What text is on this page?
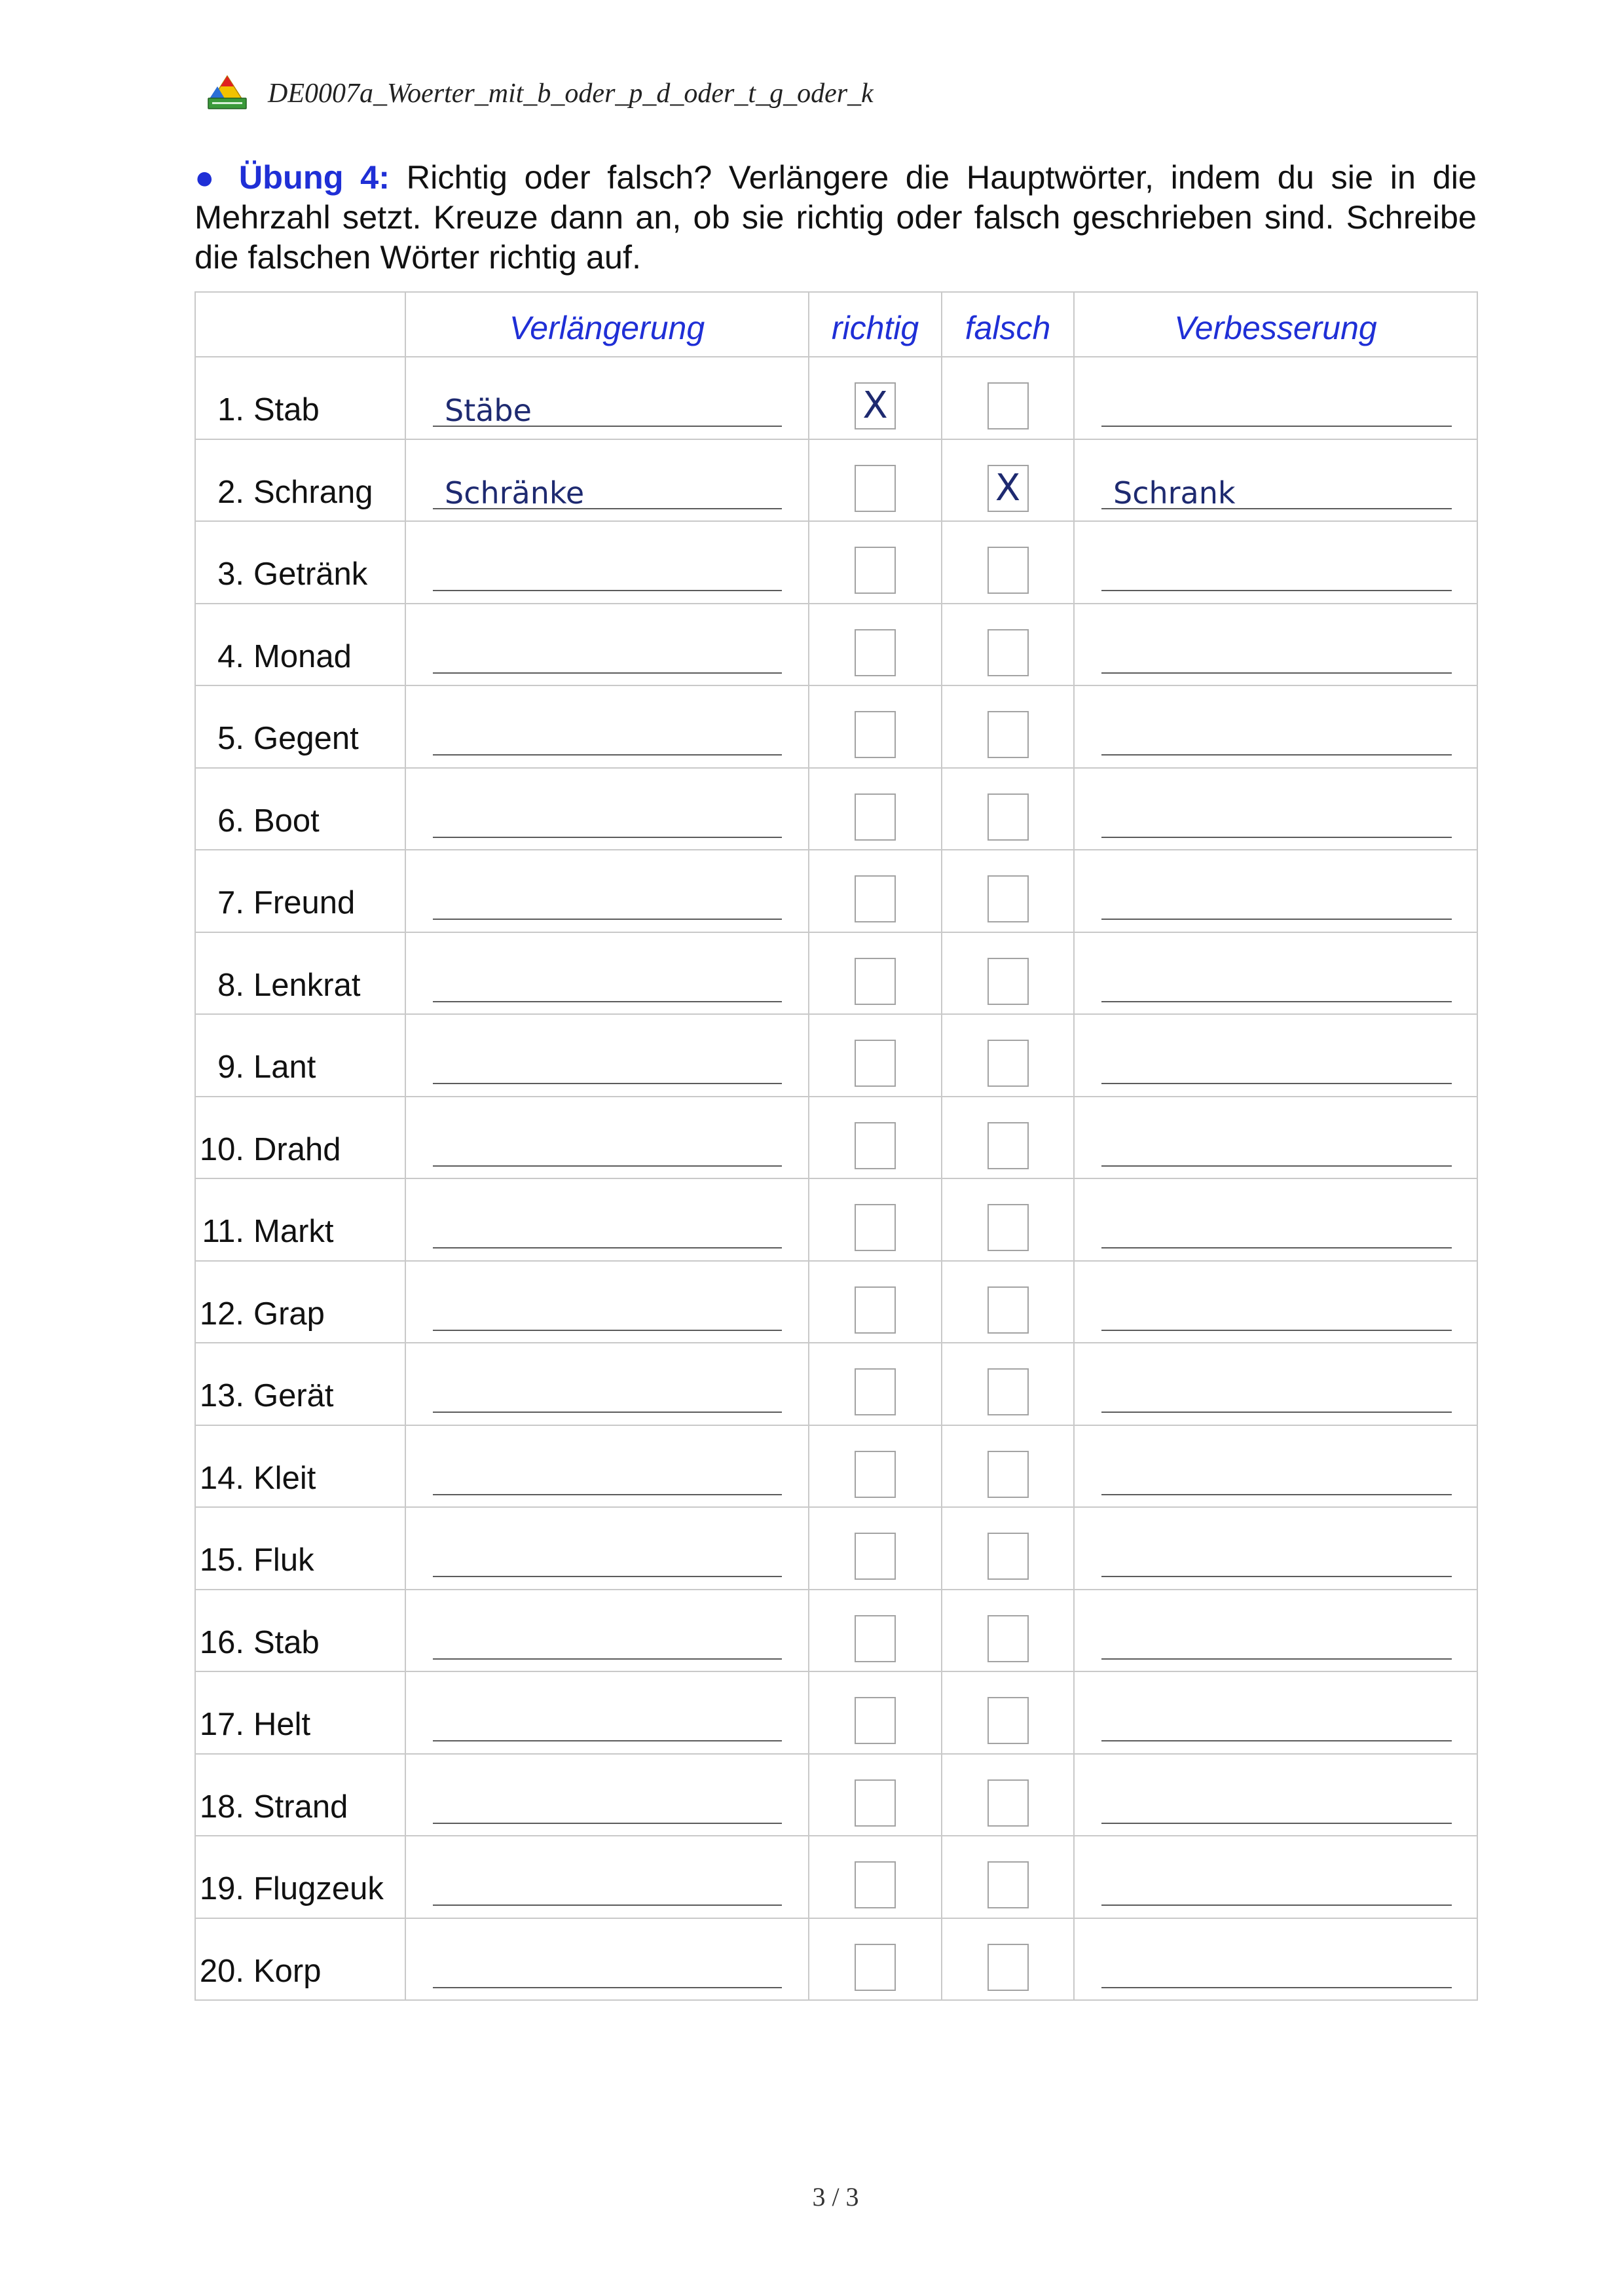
DE0007a_Woerter_mit_b_oder_p_d_oder_t_g_oder_k

● Übung 4: Richtig oder falsch? Verlängere die Hauptwörter, indem du sie in die Mehrzahl setzt. Kreuze dann an, ob sie richtig oder falsch geschrieben sind. Schreibe die falschen Wörter richtig auf.

	Verlängerung	richtig	falsch	Verbesserung

1. Stab	Stäbe	X		

2. Schrang	Schränke		X	Schrank

3. Getränk				

4. Monad				

5. Gegent				

6. Boot				

7. Freund				

8. Lenkrat				

9. Lant				

10. Drahd				

11. Markt				

12. Grap				

13. Gerät				

14. Kleit				

15. Fluk				

16. Stab				

17. Helt				

18. Strand				

19. Flugzeuk				

20. Korp				

3 / 3
